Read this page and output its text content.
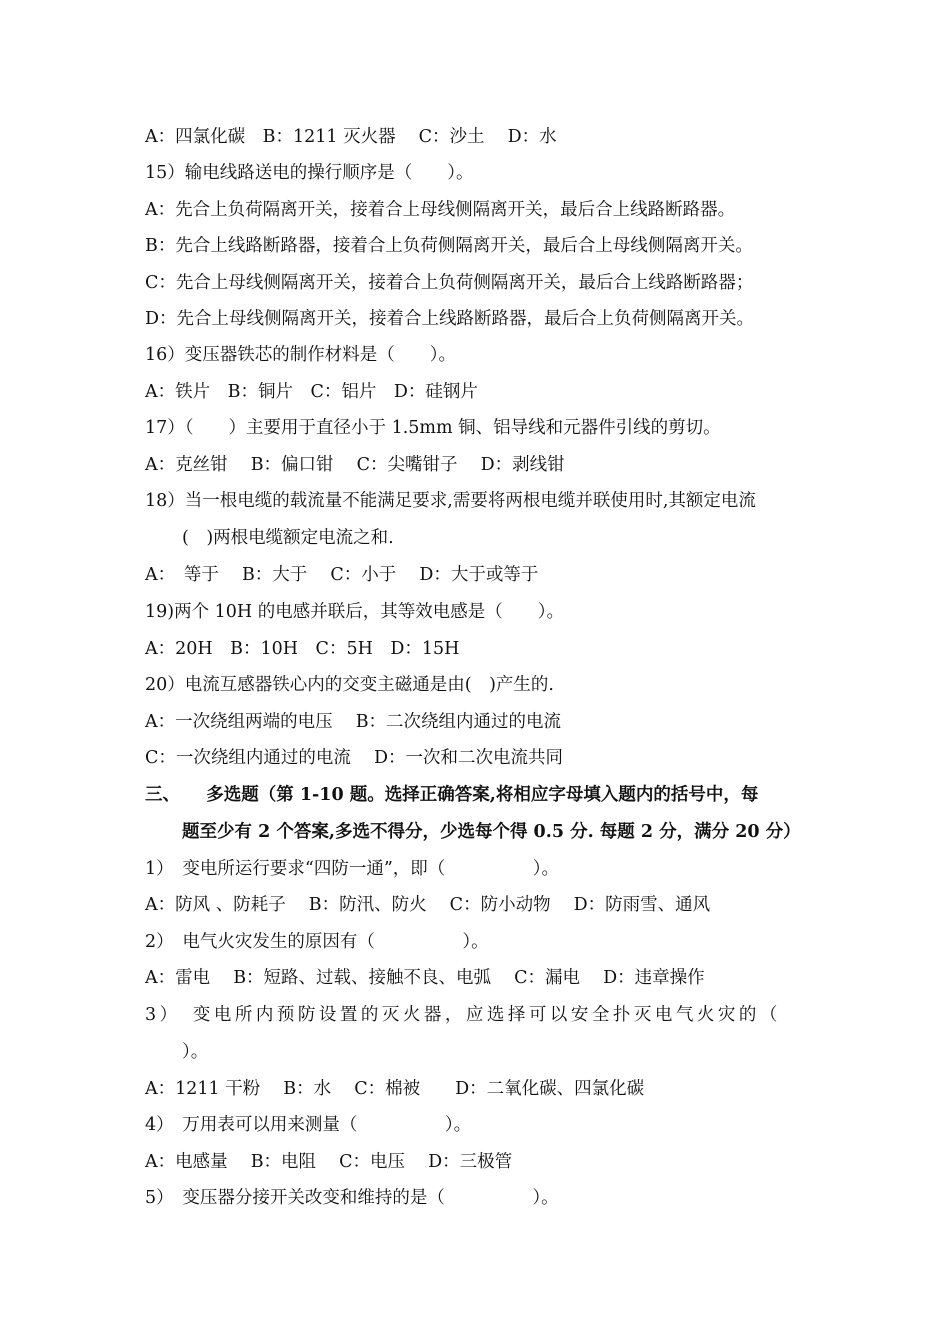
A：四氯化碳　B：1211 灭火器　 C：沙土　 D：水
15）输电线路送电的操行顺序是（　　）。
A：先合上负荷隔离开关，接着合上母线侧隔离开关，最后合上线路断路器。
B：先合上线路断路器，接着合上负荷侧隔离开关，最后合上母线侧隔离开关。
C：先合上母线侧隔离开关，接着合上负荷侧隔离开关，最后合上线路断路器；
D：先合上母线侧隔离开关，接着合上线路断路器，最后合上负荷侧隔离开关。
16）变压器铁芯的制作材料是（　　）。
A：铁片　B：铜片　C：铝片　D：硅钢片
17）（　　）主要用于直径小于 1.5mm 铜、铝导线和元器件引线的剪切。
A：克丝钳　 B：偏口钳　 C：尖嘴钳子　 D：剥线钳
18）当一根电缆的载流量不能满足要求,需要将两根电缆并联使用时,其额定电流
(　)两根电缆额定电流之和.
A：　等于　 B：大于　 C：小于　 D：大于或等于
19)两个 10H 的电感并联后，其等效电感是（　　）。
A：20H　B：10H　C：5H　D：15H
20）电流互感器铁心内的交变主磁通是由(　)产生的.
A：一次绕组两端的电压　 B：二次绕组内通过的电流
C：一次绕组内通过的电流　 D：一次和二次电流共同
三、　　多选题（第 1-10 题。选择正确答案,将相应字母填入题内的括号中，每
题至少有 2 个答案,多选不得分，少选每个得 0.5 分. 每题 2 分，满分 20 分）
1）　变电所运行要求“四防一通”，即（　　　　　）。
A：防风 、防耗子　 B：防汛、防火　 C：防小动物　 D：防雨雪、通风
2）　电气火灾发生的原因有（　　　　　）。
A：雷电　 B：短路、过载、接触不良、电弧　 C：漏电　 D：违章操作
3）　变电所内预防设置的灭火器，应选择可以安全扑灭电气火灾的（
）。
A：1211 干粉　 B：水　 C：棉被　　D：二氧化碳、四氯化碳
4）　万用表可以用来测量（　　　　　）。
A：电感量　 B：电阻　 C：电压　 D：三极管
5）　变压器分接开关改变和维持的是（　　　　　）。
